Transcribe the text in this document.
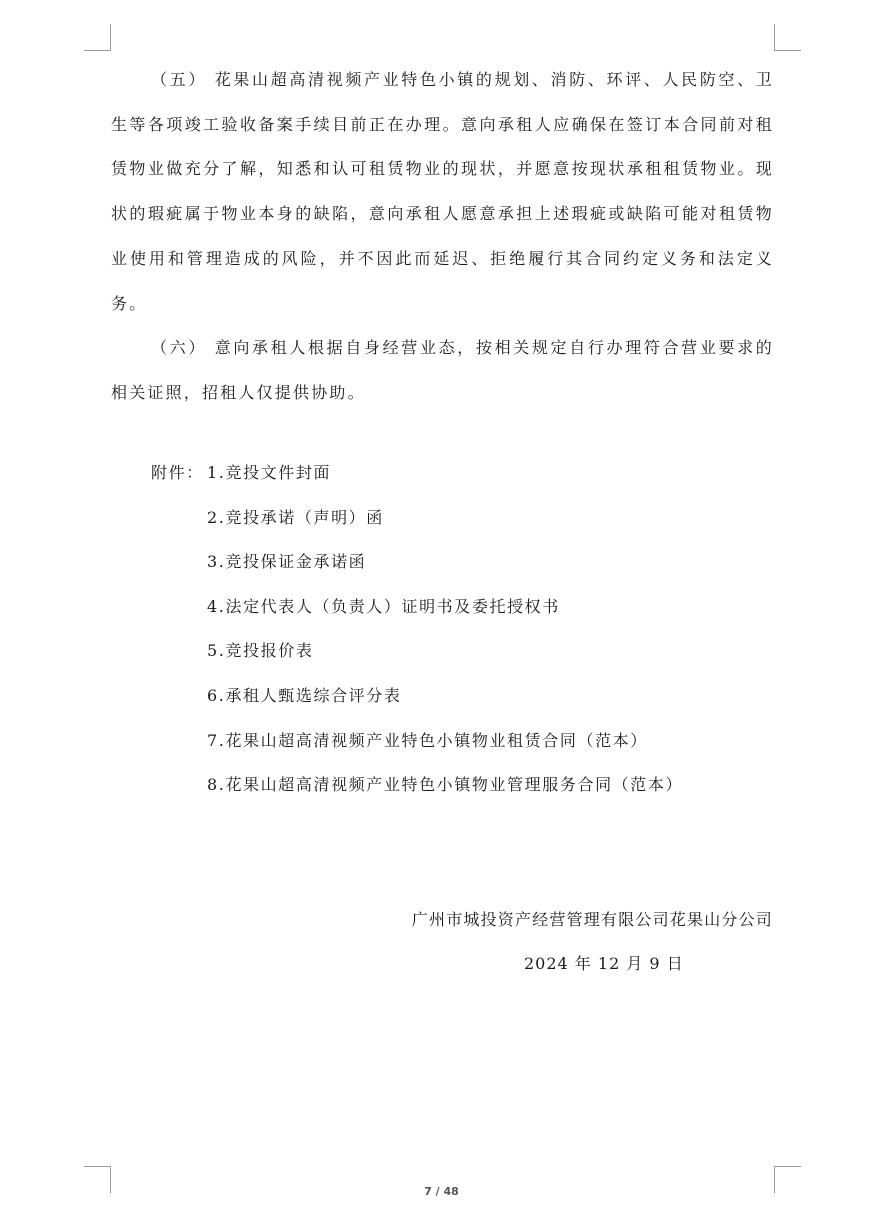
（五） 花果山超高清视频产业特色小镇的规划、消防、环评、人民防空、卫生等各项竣工验收备案手续目前正在办理。意向承租人应确保在签订本合同前对租赁物业做充分了解，知悉和认可租赁物业的现状，并愿意按现状承租租赁物业。现状的瑕疵属于物业本身的缺陷，意向承租人愿意承担上述瑕疵或缺陷可能对租赁物业使用和管理造成的风险，并不因此而延迟、拒绝履行其合同约定义务和法定义务。

（六） 意向承租人根据自身经营业态，按相关规定自行办理符合营业要求的相关证照，招租人仅提供协助。

附件： 1.竞投文件封面
2.竞投承诺（声明）函
3.竞投保证金承诺函
4.法定代表人（负责人）证明书及委托授权书
5.竞投报价表
6.承租人甄选综合评分表
7.花果山超高清视频产业特色小镇物业租赁合同（范本）
8.花果山超高清视频产业特色小镇物业管理服务合同（范本）
广州市城投资产经营管理有限公司花果山分公司
2024 年 12 月 9 日
7 / 48
